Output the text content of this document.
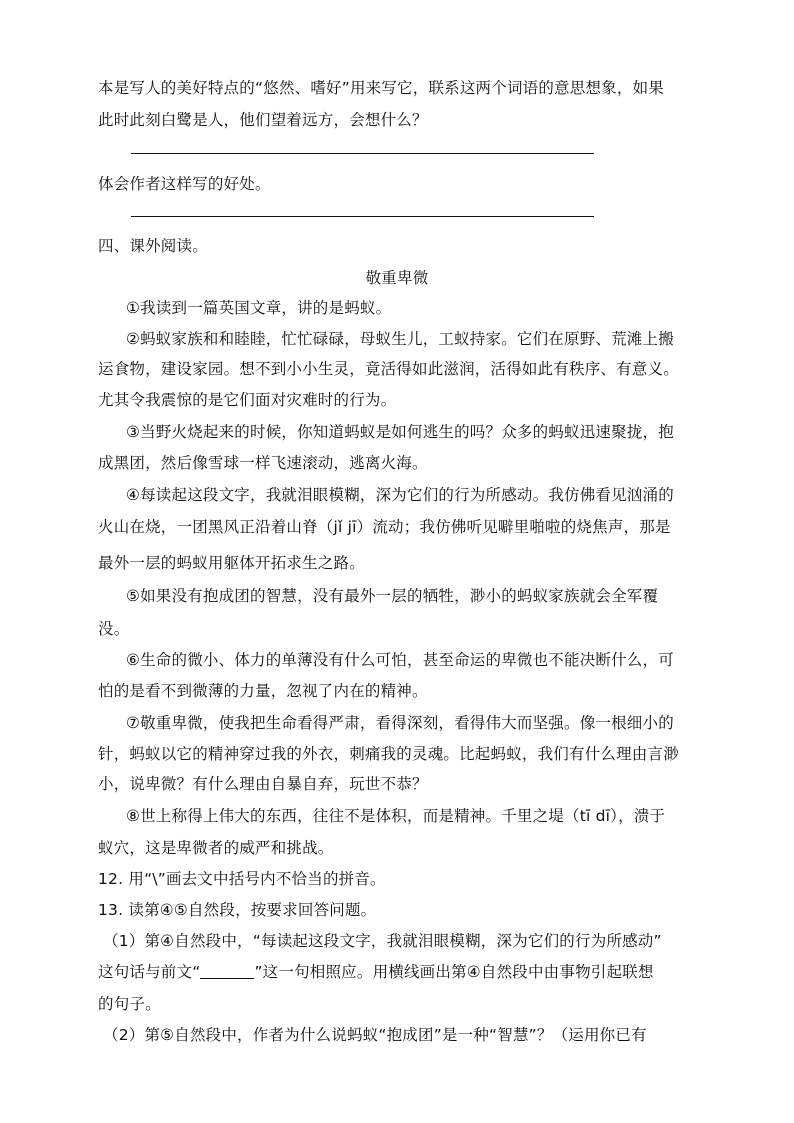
本是写人的美好特点的“悠然、嗜好”用来写它，联系这两个词语的意思想象，如果
此时此刻白鹭是人，他们望着远方，会想什么？
体会作者这样写的好处。
四、课外阅读。
敬重卑微
①我读到一篇英国文章，讲的是蚂蚁。
②蚂蚁家族和和睦睦，忙忙碌碌，母蚁生儿，工蚁持家。它们在原野、荒滩上搬
运食物，建设家园。想不到小小生灵，竟活得如此滋润，活得如此有秩序、有意义。
尤其令我震惊的是它们面对灾难时的行为。
③当野火烧起来的时候，你知道蚂蚁是如何逃生的吗？众多的蚂蚁迅速聚拢，抱
成黑团，然后像雪球一样飞速滚动，逃离火海。
④每读起这段文字，我就泪眼模糊，深为它们的行为所感动。我仿佛看见汹涌的
火山在烧，一团黑风正沿着山脊（jǐ jī）流动；我仿佛听见噼里啪啦的烧焦声，那是
最外一层的蚂蚁用躯体开拓求生之路。
⑤如果没有抱成团的智慧，没有最外一层的牺牲，渺小的蚂蚁家族就会全军覆
没。
⑥生命的微小、体力的单薄没有什么可怕，甚至命运的卑微也不能决断什么，可
怕的是看不到微薄的力量，忽视了内在的精神。
⑦敬重卑微，使我把生命看得严肃，看得深刻，看得伟大而坚强。像一根细小的
针，蚂蚁以它的精神穿过我的外衣，刺痛我的灵魂。比起蚂蚁，我们有什么理由言渺
小，说卑微？有什么理由自暴自弃，玩世不恭？
⑧世上称得上伟大的东西，往往不是体积，而是精神。千里之堤（tī dī），溃于
蚁穴，这是卑微者的威严和挑战。
12. 用“\”画去文中括号内不恰当的拼音。
13. 读第④⑤自然段，按要求回答问题。
（1）第④自然段中，“每读起这段文字，我就泪眼模糊，深为它们的行为所感动”
这句话与前文“	”这一句相照应。用横线画出第④自然段中由事物引起联想
的句子。
（2）第⑤自然段中，作者为什么说蚂蚁“抱成团”是一种“智慧”？（运用你已有
